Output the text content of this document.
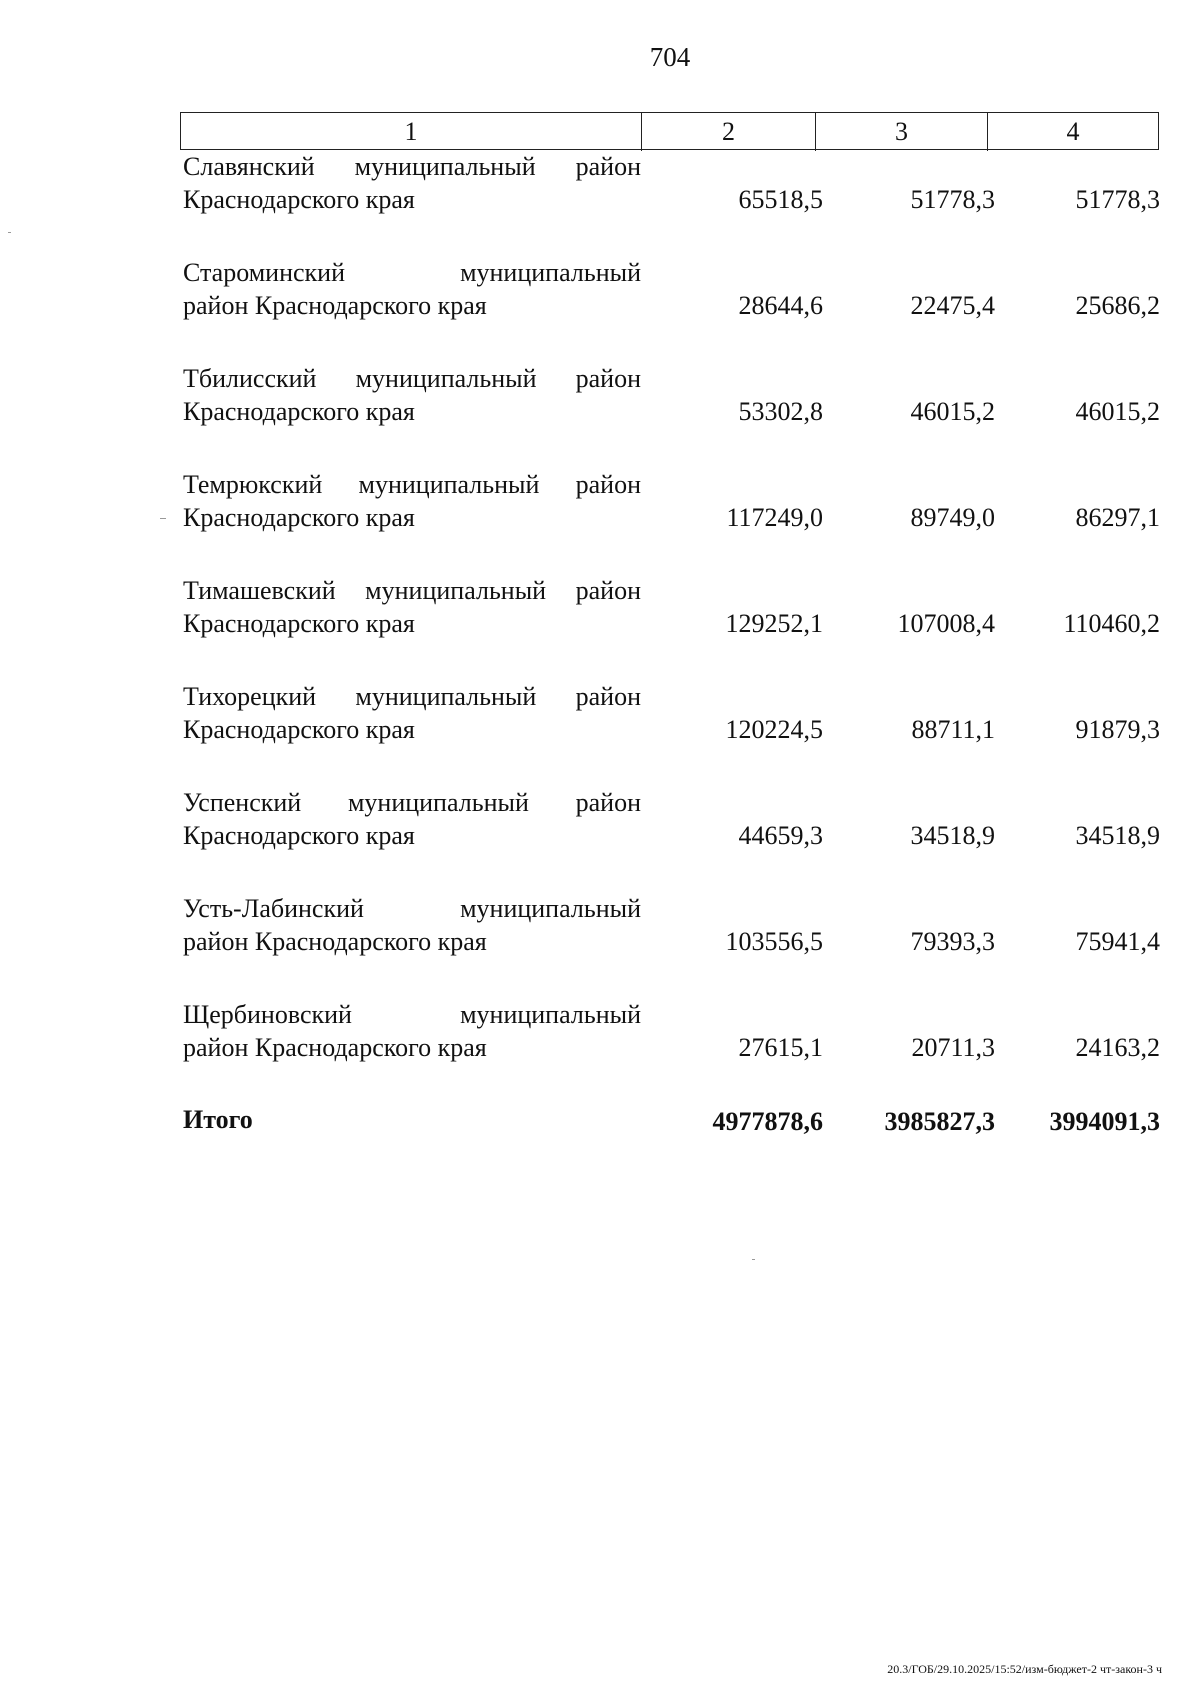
704
1	2	3	4
Славянский муниципальный район
Краснодарского края	65518,5	51778,3	51778,3
Староминский муниципальный
район Краснодарского края	28644,6	22475,4	25686,2
Тбилисский муниципальный район
Краснодарского края	53302,8	46015,2	46015,2
Темрюкский муниципальный район
Краснодарского края	117249,0	89749,0	86297,1
Тимашевский муниципальный район
Краснодарского края	129252,1	107008,4	110460,2
Тихорецкий муниципальный район
Краснодарского края	120224,5	88711,1	91879,3
Успенский муниципальный район
Краснодарского края	44659,3	34518,9	34518,9
Усть-Лабинский муниципальный
район Краснодарского края	103556,5	79393,3	75941,4
Щербиновский муниципальный
район Краснодарского края	27615,1	20711,3	24163,2
Итого	4977878,6 3985827,3 3994091,3
20.3/ГОБ/29.10.2025/15:52/изм-бюджет-2 чт-закон-3 ч
